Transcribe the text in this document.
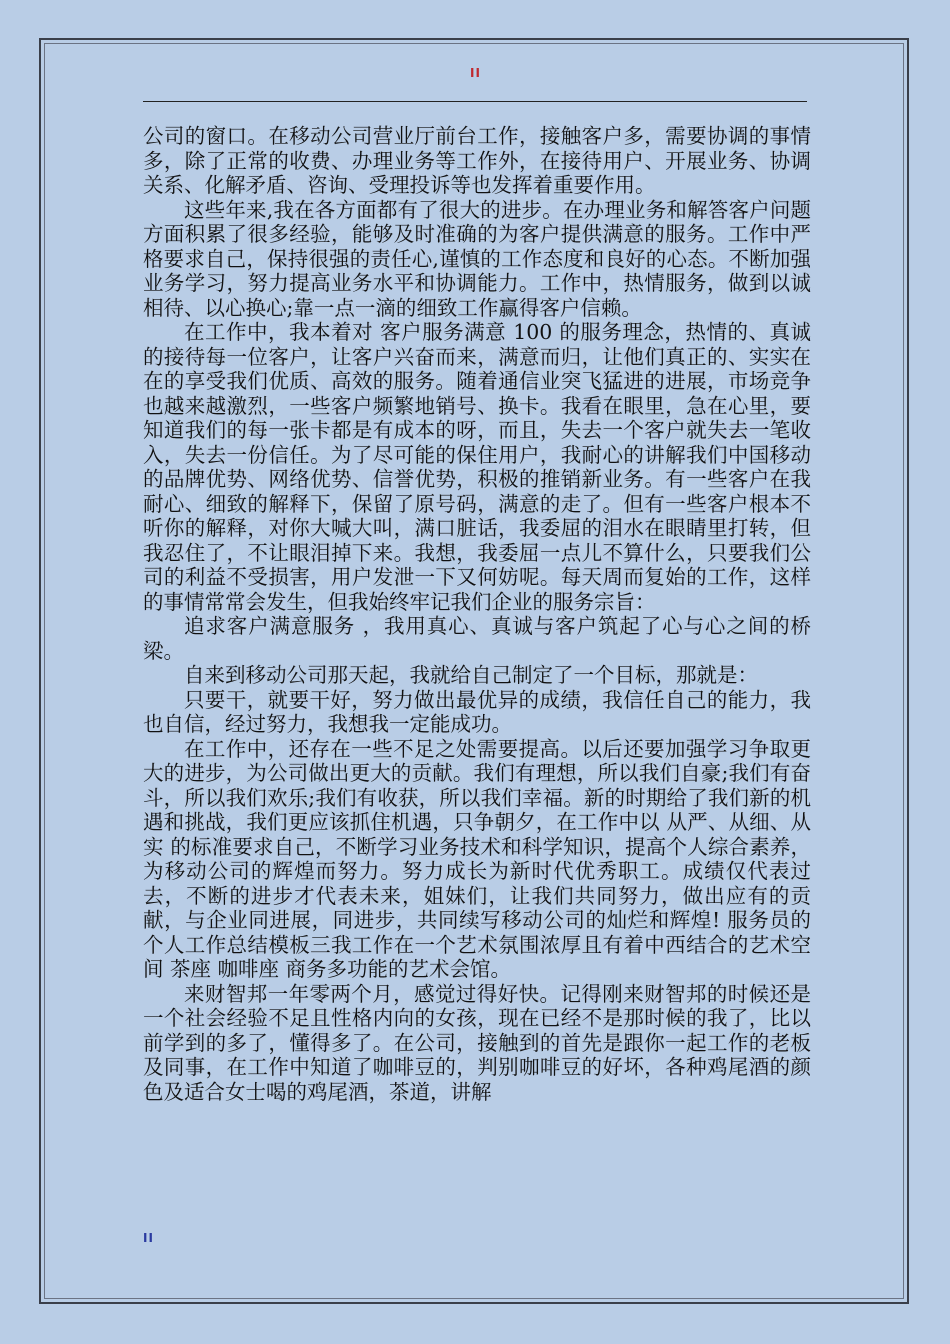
II

公司的窗口。在移动公司营业厅前台工作，接触客户多，需要协调的事情多，除了正常的收费、办理业务等工作外，在接待用户、开展业务、协调关系、化解矛盾、咨询、受理投诉等也发挥着重要作用。

这些年来,我在各方面都有了很大的进步。在办理业务和解答客户问题方面积累了很多经验，能够及时准确的为客户提供满意的服务。工作中严格要求自己，保持很强的责任心,谨慎的工作态度和良好的心态。不断加强业务学习，努力提高业务水平和协调能力。工作中，热情服务，做到以诚相待、以心换心;靠一点一滴的细致工作赢得客户信赖。

在工作中，我本着对 客户服务满意 100 的服务理念，热情的、真诚的接待每一位客户，让客户兴奋而来，满意而归，让他们真正的、实实在在的享受我们优质、高效的服务。随着通信业突飞猛进的进展，市场竞争也越来越激烈，一些客户频繁地销号、换卡。我看在眼里，急在心里，要知道我们的每一张卡都是有成本的呀，而且，失去一个客户就失去一笔收入，失去一份信任。为了尽可能的保住用户，我耐心的讲解我们中国移动的品牌优势、网络优势、信誉优势，积极的推销新业务。有一些客户在我耐心、细致的解释下，保留了原号码，满意的走了。但有一些客户根本不听你的解释，对你大喊大叫，满口脏话，我委屈的泪水在眼睛里打转，但我忍住了，不让眼泪掉下来。我想，我委屈一点儿不算什么，只要我们公司的利益不受损害，用户发泄一下又何妨呢。每天周而复始的工作，这样的事情常常会发生，但我始终牢记我们企业的服务宗旨：

追求客户满意服务 ，我用真心、真诚与客户筑起了心与心之间的桥梁。

自来到移动公司那天起，我就给自己制定了一个目标，那就是：

只要干，就要干好，努力做出最优异的成绩，我信任自己的能力，我也自信，经过努力，我想我一定能成功。

在工作中，还存在一些不足之处需要提高。以后还要加强学习争取更大的进步，为公司做出更大的贡献。我们有理想，所以我们自豪;我们有奋斗，所以我们欢乐;我们有收获，所以我们幸福。新的时期给了我们新的机遇和挑战，我们更应该抓住机遇，只争朝夕，在工作中以 从严、从细、从实 的标准要求自己，不断学习业务技术和科学知识，提高个人综合素养，为移动公司的辉煌而努力。努力成长为新时代优秀职工。成绩仅代表过去，不断的进步才代表未来，姐妹们，让我们共同努力，做出应有的贡献，与企业同进展，同进步，共同续写移动公司的灿烂和辉煌! 服务员的个人工作总结模板三我工作在一个艺术氛围浓厚且有着中西结合的艺术空间 茶座 咖啡座 商务多功能的艺术会馆。

来财智邦一年零两个月，感觉过得好快。记得刚来财智邦的时候还是一个社会经验不足且性格内向的女孩，现在已经不是那时候的我了，比以前学到的多了，懂得多了。在公司，接触到的首先是跟你一起工作的老板及同事，在工作中知道了咖啡豆的，判别咖啡豆的好坏，各种鸡尾酒的颜色及适合女士喝的鸡尾酒，茶道，讲解

II
